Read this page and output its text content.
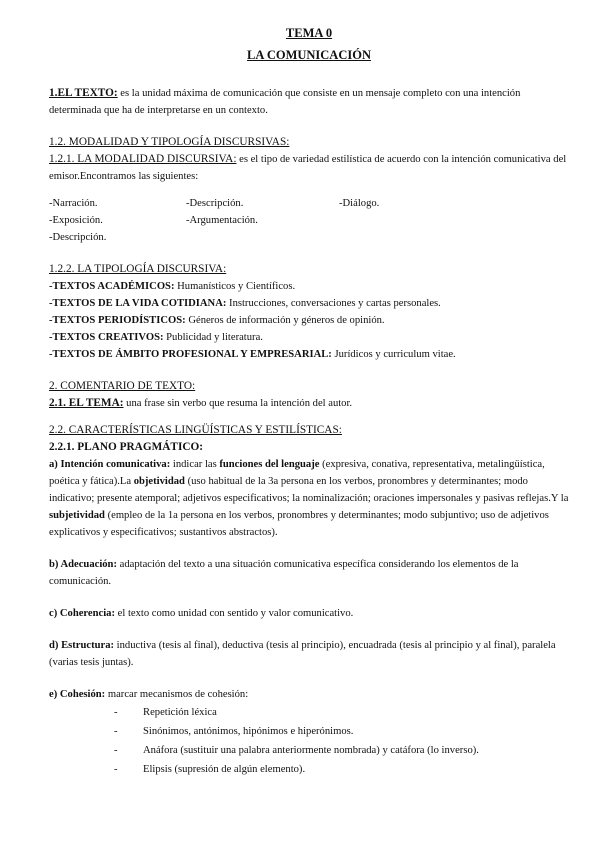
TEMA 0

LA COMUNICACIÓN

1.EL TEXTO: es la unidad máxima de comunicación que consiste en un mensaje completo con una intención determinada que ha de interpretarse en un contexto.

1.2. MODALIDAD Y TIPOLOGÍA DISCURSIVAS:

1.2.1. LA MODALIDAD DISCURSIVA: es el tipo de variedad estilística de acuerdo con la intención comunicativa del emisor.Encontramos las siguientes:

-Narración.	-Descripción.	-Diálogo.
-Exposición.	-Argumentación.
-Descripción.

1.2.2. LA TIPOLOGÍA DISCURSIVA:

-TEXTOS ACADÉMICOS: Humanísticos y Científicos.

-TEXTOS DE LA VIDA COTIDIANA: Instrucciones, conversaciones y cartas personales.

-TEXTOS PERIODÍSTICOS: Géneros de información y géneros de opinión.

-TEXTOS CREATIVOS: Publicidad y literatura.

-TEXTOS DE ÁMBITO PROFESIONAL Y EMPRESARIAL: Jurídicos y curriculum vitae.

2. COMENTARIO DE TEXTO:

2.1. EL TEMA: una frase sin verbo que resuma la intención del autor.

2.2. CARACTERÍSTICAS LINGÜÍSTICAS Y ESTILÍSTICAS:

2.2.1. PLANO PRAGMÁTICO:

a) Intención comunicativa: indicar las funciones del lenguaje (expresiva, conativa, representativa, metalingüística, poética y fática).La objetividad (uso habitual de la 3a persona en los verbos, pronombres y determinantes; modo indicativo; presente atemporal; adjetivos especificativos; la nominalización; oraciones impersonales y pasivas reflejas.Y la subjetividad (empleo de la 1a persona en los verbos, pronombres y determinantes; modo subjuntivo; uso de adjetivos explicativos y especificativos; sustantivos abstractos).

b) Adecuación: adaptación del texto a una situación comunicativa específica considerando los elementos de la comunicación.

c) Coherencia: el texto como unidad con sentido y valor comunicativo.

d) Estructura: inductiva (tesis al final), deductiva (tesis al principio), encuadrada (tesis al principio y al final), paralela (varias tesis juntas).

e) Cohesión: marcar mecanismos de cohesión:

- Repetición léxica
- Sinónimos, antónimos, hipónimos e hiperónimos.
- Anáfora (sustituir una palabra anteriormente nombrada) y catáfora (lo inverso).
- Elipsis (supresión de algún elemento).
